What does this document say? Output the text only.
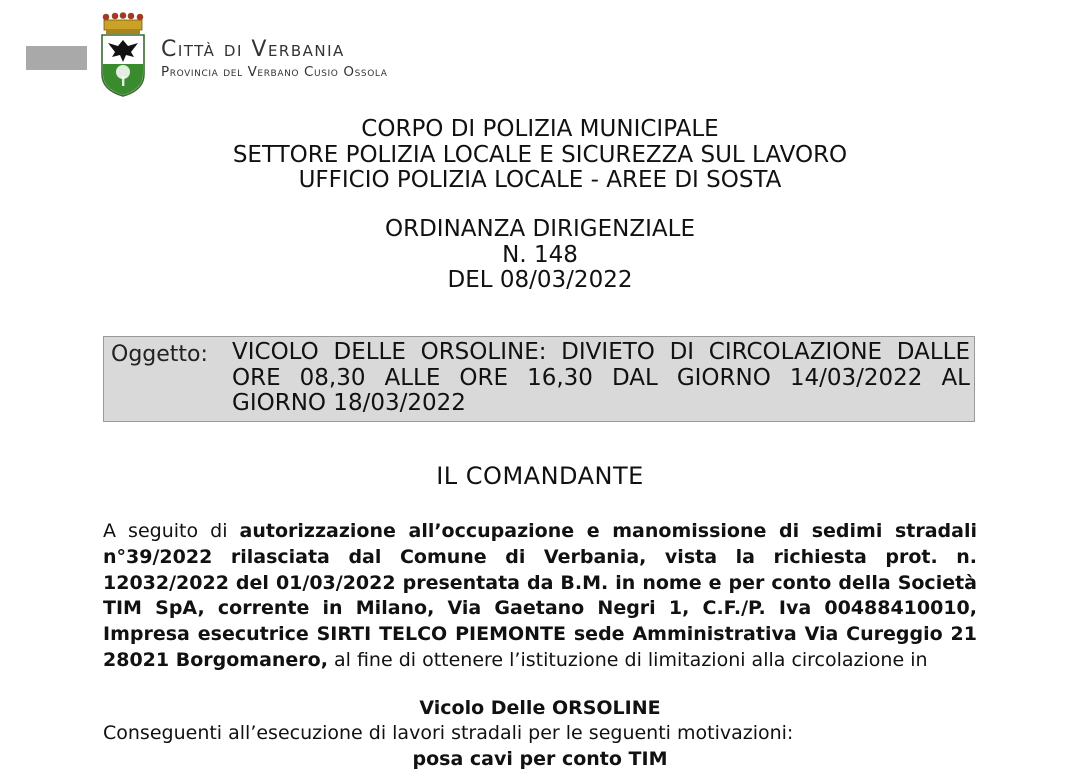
Città di Verbania
Provincia del Verbano Cusio Ossola
CORPO DI POLIZIA MUNICIPALE
SETTORE POLIZIA LOCALE E SICUREZZA SUL LAVORO
UFFICIO POLIZIA LOCALE - AREE DI SOSTA
ORDINANZA DIRIGENZIALE
N. 148
DEL 08/03/2022
Oggetto: VICOLO DELLE ORSOLINE: DIVIETO DI CIRCOLAZIONE DALLE ORE 08,30 ALLE ORE 16,30 DAL GIORNO 14/03/2022 AL GIORNO 18/03/2022
IL COMANDANTE
A seguito di autorizzazione all’occupazione e manomissione di sedimi stradali n°39/2022 rilasciata dal Comune di Verbania, vista la richiesta prot. n. 12032/2022 del 01/03/2022 presentata da B.M. in nome e per conto della Società TIM SpA, corrente in Milano, Via Gaetano Negri 1, C.F./P. Iva 00488410010, Impresa esecutrice SIRTI TELCO PIEMONTE sede Amministrativa Via Cureggio 21 28021 Borgomanero, al fine di ottenere l’istituzione di limitazioni alla circolazione in
Vicolo Delle ORSOLINE
Conseguenti all’esecuzione di lavori stradali per le seguenti motivazioni:
posa cavi per conto TIM
